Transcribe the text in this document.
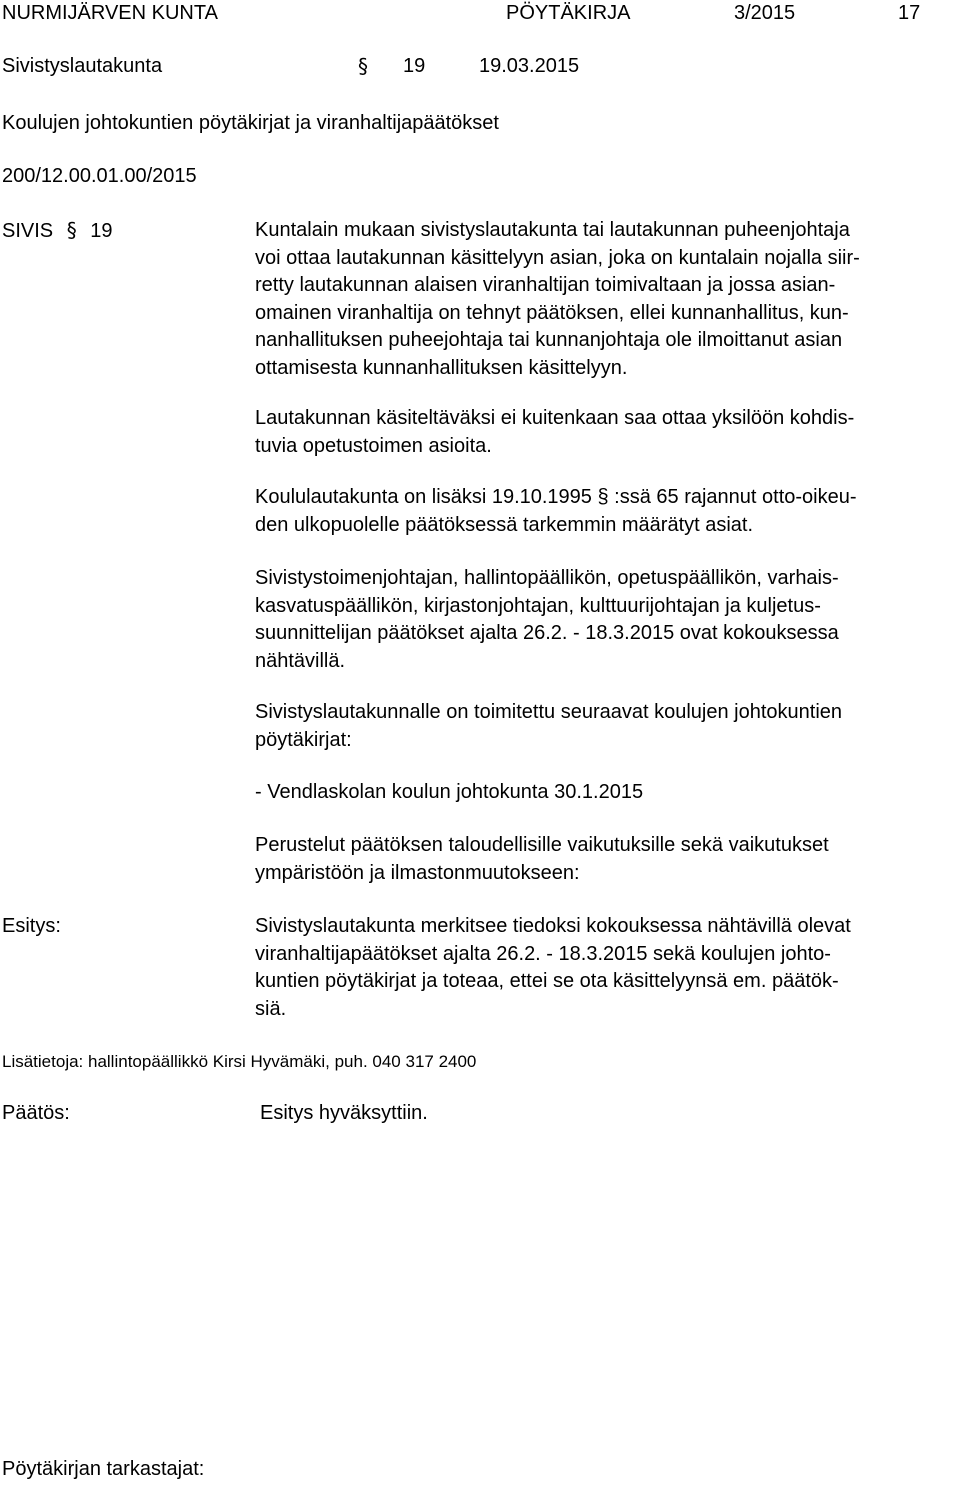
NURMIJÄRVEN KUNTA	PÖYTÄKIRJA	3/2015	17
Sivistyslautakunta	§ 19	19.03.2015
Koulujen johtokuntien pöytäkirjat ja viranhaltijapäätökset
200/12.00.01.00/2015
SIVIS § 19	Kuntalain mukaan sivistyslautakunta tai lautakunnan puheenjohtaja
voi ottaa lautakunnan käsittelyyn asian, joka on kuntalain nojalla siir-
retty lautakunnan alaisen viranhaltijan toimivaltaan ja jossa asian-
omainen viranhaltija on tehnyt päätöksen, ellei kunnanhallitus, kun-
nanhallituksen puheejohtaja tai kunnanjohtaja ole ilmoittanut asian
ottamisesta kunnanhallituksen käsittelyyn.
Lautakunnan käsiteltäväksi ei kuitenkaan saa ottaa yksilöön kohdis-
tuvia opetustoimen asioita.
Koululautakunta on lisäksi 19.10.1995 § :ssä 65 rajannut otto-oikeu-
den ulkopuolelle päätöksessä tarkemmin määrätyt asiat.
Sivistystoimenjohtajan, hallintopäällikön, opetuspäällikön, varhais-
kasvatuspäällikön, kirjastonjohtajan, kulttuurijohtajan ja kuljetus-
suunnittelijan päätökset ajalta 26.2. - 18.3.2015 ovat kokouksessa
nähtävillä.
Sivistyslautakunnalle on toimitettu seuraavat koulujen johtokuntien
pöytäkirjat:
- Vendlaskolan koulun johtokunta 30.1.2015
Perustelut päätöksen taloudellisille vaikutuksille sekä vaikutukset
ympäristöön ja ilmastonmuutokseen:
Esitys:	Sivistyslautakunta merkitsee tiedoksi kokouksessa nähtävillä olevat
viranhaltijapäätökset ajalta 26.2. - 18.3.2015 sekä koulujen johto-
kuntien pöytäkirjat ja toteaa, ettei se ota käsittelyynsä em. päätök-
siä.
Lisätietoja: hallintopäällikkö Kirsi Hyvämäki, puh. 040 317 2400
Päätös:	Esitys hyväksyttiin.
Pöytäkirjan tarkastajat:
